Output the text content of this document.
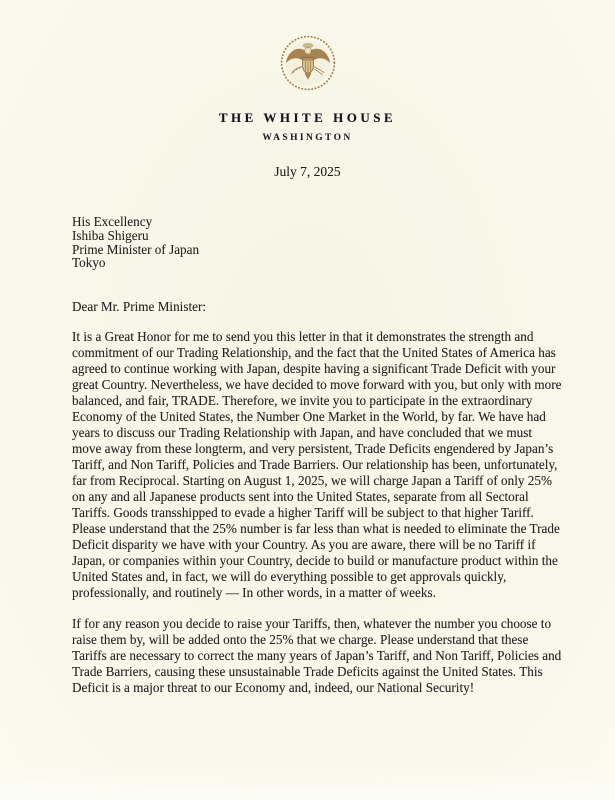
THE WHITE HOUSE
WASHINGTON
July 7, 2025
His Excellency
Ishiba Shigeru
Prime Minister of Japan
Tokyo
Dear Mr. Prime Minister:

It is a Great Honor for me to send you this letter in that it demonstrates the strength and commitment of our Trading Relationship, and the fact that the United States of America has agreed to continue working with Japan, despite having a significant Trade Deficit with your great Country. Nevertheless, we have decided to move forward with you, but only with more balanced, and fair, TRADE. Therefore, we invite you to participate in the extraordinary Economy of the United States, the Number One Market in the World, by far. We have had years to discuss our Trading Relationship with Japan, and have concluded that we must move away from these longterm, and very persistent, Trade Deficits engendered by Japan’s Tariff, and Non Tariff, Policies and Trade Barriers. Our relationship has been, unfortunately, far from Reciprocal. Starting on August 1, 2025, we will charge Japan a Tariff of only 25% on any and all Japanese products sent into the United States, separate from all Sectoral Tariffs. Goods transshipped to evade a higher Tariff will be subject to that higher Tariff. Please understand that the 25% number is far less than what is needed to eliminate the Trade Deficit disparity we have with your Country. As you are aware, there will be no Tariff if Japan, or companies within your Country, decide to build or manufacture product within the United States and, in fact, we will do everything possible to get approvals quickly, professionally, and routinely — In other words, in a matter of weeks.

If for any reason you decide to raise your Tariffs, then, whatever the number you choose to raise them by, will be added onto the 25% that we charge. Please understand that these Tariffs are necessary to correct the many years of Japan’s Tariff, and Non Tariff, Policies and Trade Barriers, causing these unsustainable Trade Deficits against the United States. This Deficit is a major threat to our Economy and, indeed, our National Security!
